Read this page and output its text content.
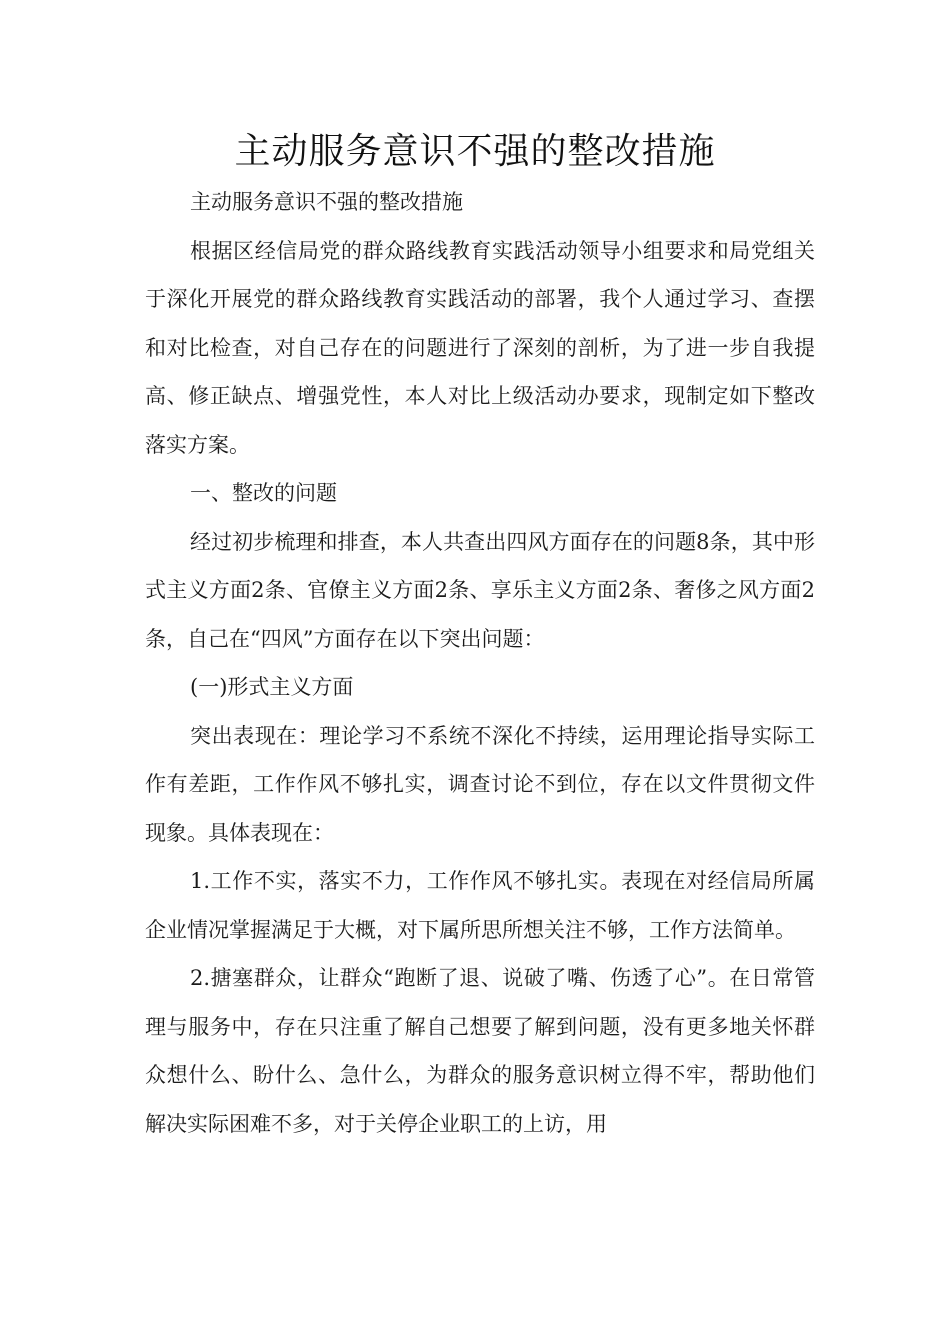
主动服务意识不强的整改措施

主动服务意识不强的整改措施

根据区经信局党的群众路线教育实践活动领导小组要求和局党组关于深化开展党的群众路线教育实践活动的部署，我个人通过学习、查摆和对比检查，对自己存在的问题进行了深刻的剖析，为了进一步自我提高、修正缺点、增强党性，本人对比上级活动办要求，现制定如下整改落实方案。

一、整改的问题

经过初步梳理和排查，本人共查出四风方面存在的问题8条，其中形式主义方面2条、官僚主义方面2条、享乐主义方面2条、奢侈之风方面2条，自己在“四风”方面存在以下突出问题：

(一)形式主义方面

突出表现在：理论学习不系统不深化不持续，运用理论指导实际工作有差距，工作作风不够扎实，调查讨论不到位，存在以文件贯彻文件现象。具体表现在：

1.工作不实，落实不力，工作作风不够扎实。表现在对经信局所属企业情况掌握满足于大概，对下属所思所想关注不够，工作方法简单。

2.搪塞群众，让群众“跑断了退、说破了嘴、伤透了心”。在日常管理与服务中，存在只注重了解自己想要了解到问题，没有更多地关怀群众想什么、盼什么、急什么，为群众的服务意识树立得不牢，帮助他们解决实际困难不多，对于关停企业职工的上访，用
